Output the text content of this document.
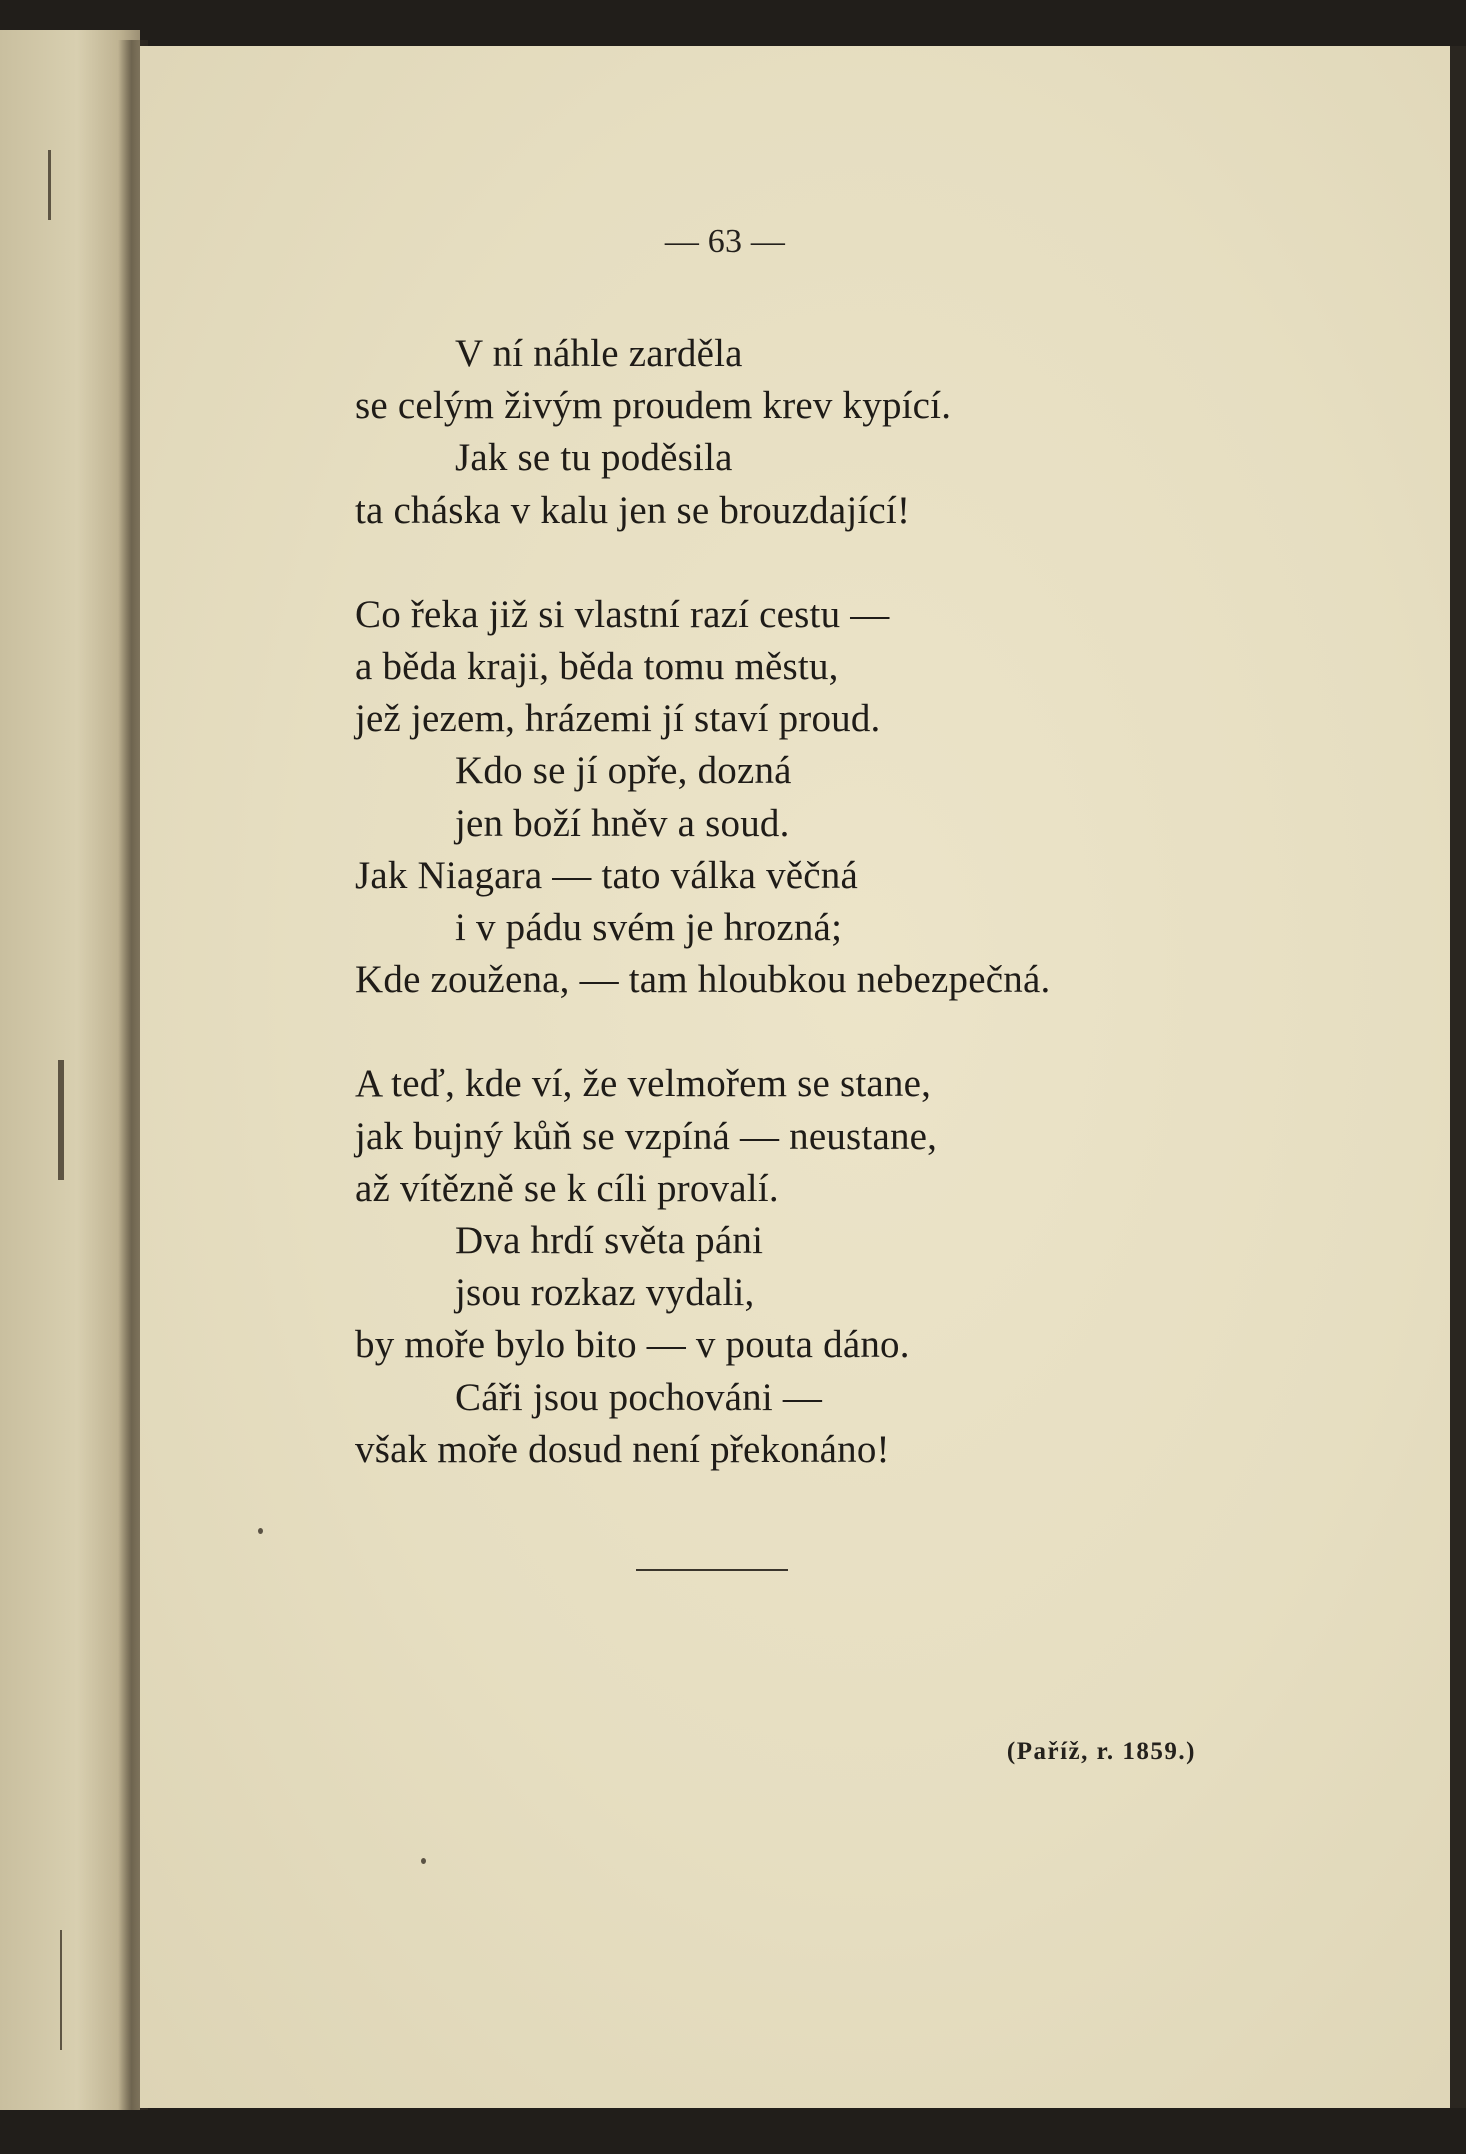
— 63 —
V ní náhle zarděla
se celým živým proudem krev kypící.
Jak se tu poděsila
ta cháska v kalu jen se brouzdající!
Co řeka již si vlastní razí cestu —
a běda kraji, běda tomu městu,
jež jezem, hrázemi jí staví proud.
Kdo se jí opře, dozná
jen boží hněv a soud.
Jak Niagara — tato válka věčná
i v pádu svém je hrozná;
Kde zoužena, — tam hloubkou nebezpečná.
A teď, kde ví, že velmořem se stane,
jak bujný kůň se vzpíná — neustane,
až vítězně se k cíli provalí.
Dva hrdí světa páni
jsou rozkaz vydali,
by moře bylo bito — v pouta dáno.
Cáři jsou pochováni —
však moře dosud není překonáno!
(Paříž, r. 1859.)
